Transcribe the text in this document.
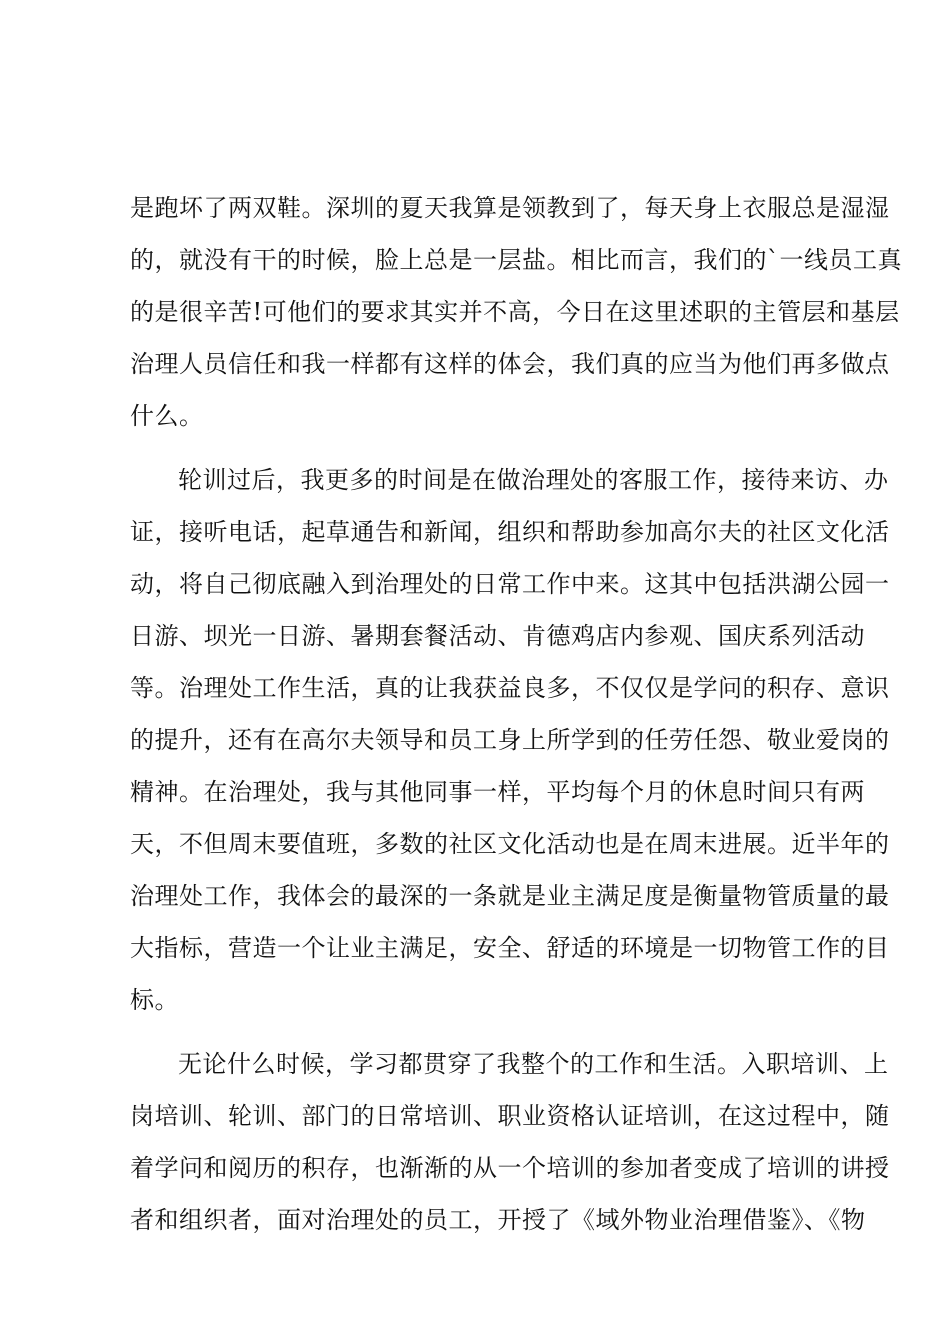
是跑坏了两双鞋。深圳的夏天我算是领教到了，每天身上衣服总是湿湿
的，就没有干的时候，脸上总是一层盐。相比而言，我们的`一线员工真
的是很辛苦!可他们的要求其实并不高，今日在这里述职的主管层和基层
治理人员信任和我一样都有这样的体会，我们真的应当为他们再多做点
什么。
轮训过后，我更多的时间是在做治理处的客服工作，接待来访、办
证，接听电话，起草通告和新闻，组织和帮助参加高尔夫的社区文化活
动，将自己彻底融入到治理处的日常工作中来。这其中包括洪湖公园一
日游、坝光一日游、暑期套餐活动、肯德鸡店内参观、国庆系列活动
等。治理处工作生活，真的让我获益良多，不仅仅是学问的积存、意识
的提升，还有在高尔夫领导和员工身上所学到的任劳任怨、敬业爱岗的
精神。在治理处，我与其他同事一样，平均每个月的休息时间只有两
天，不但周末要值班，多数的社区文化活动也是在周末进展。近半年的
治理处工作，我体会的最深的一条就是业主满足度是衡量物管质量的最
大指标，营造一个让业主满足，安全、舒适的环境是一切物管工作的目
标。
无论什么时候，学习都贯穿了我整个的工作和生活。入职培训、上
岗培训、轮训、部门的日常培训、职业资格认证培训，在这过程中，随
着学问和阅历的积存，也渐渐的从一个培训的参加者变成了培训的讲授
者和组织者，面对治理处的员工，开授了《域外物业治理借鉴》、《物
